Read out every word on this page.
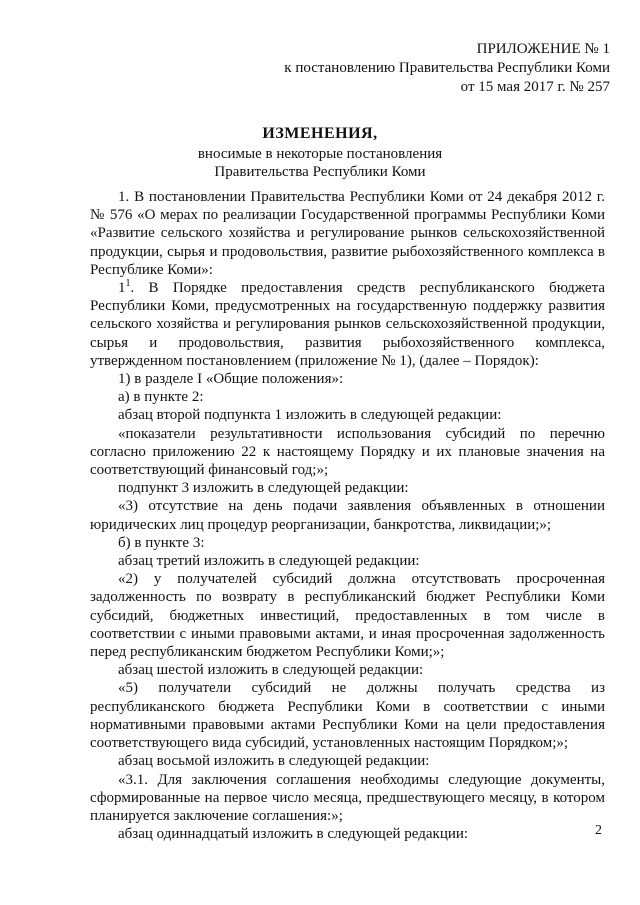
ПРИЛОЖЕНИЕ № 1
к постановлению Правительства Республики Коми
от 15 мая 2017 г. № 257
ИЗМЕНЕНИЯ,
вносимые в некоторые постановления
Правительства Республики Коми

1. В постановлении Правительства Республики Коми от 24 декабря 2012 г. № 576 «О мерах по реализации Государственной программы Республики Коми «Развитие сельского хозяйства и регулирование рынков сельскохозяйственной продукции, сырья и продовольствия, развитие рыбохозяйственного комплекса в Республике Коми»:

$1^1$. В Порядке предоставления средств республиканского бюджета Республики Коми, предусмотренных на государственную поддержку развития сельского хозяйства и регулирования рынков сельскохозяйственной продукции, сырья и продовольствия, развития рыбохозяйственного комплекса, утвержденном постановлением (приложение № 1), (далее – Порядок):

1) в разделе I «Общие положения»:

а) в пункте 2:

абзац второй подпункта 1 изложить в следующей редакции:

«показатели результативности использования субсидий по перечню согласно приложению 22 к настоящему Порядку и их плановые значения на соответствующий финансовый год;»;

подпункт 3 изложить в следующей редакции:

«3) отсутствие на день подачи заявления объявленных в отношении юридических лиц процедур реорганизации, банкротства, ликвидации;»;

б) в пункте 3:

абзац третий изложить в следующей редакции:

«2) у получателей субсидий должна отсутствовать просроченная задолженность по возврату в республиканский бюджет Республики Коми субсидий, бюджетных инвестиций, предоставленных в том числе в соответствии с иными правовыми актами, и иная просроченная задолженность перед республиканским бюджетом Республики Коми;»;

абзац шестой изложить в следующей редакции:

«5) получатели субсидий не должны получать средства из республиканского бюджета Республики Коми в соответствии с иными нормативными правовыми актами Республики Коми на цели предоставления соответствующего вида субсидий, установленных настоящим Порядком;»;

абзац восьмой изложить в следующей редакции:

«3.1. Для заключения соглашения необходимы следующие документы, сформированные на первое число месяца, предшествующего месяцу, в котором планируется заключение соглашения:»;

абзац одиннадцатый изложить в следующей редакции:	2
